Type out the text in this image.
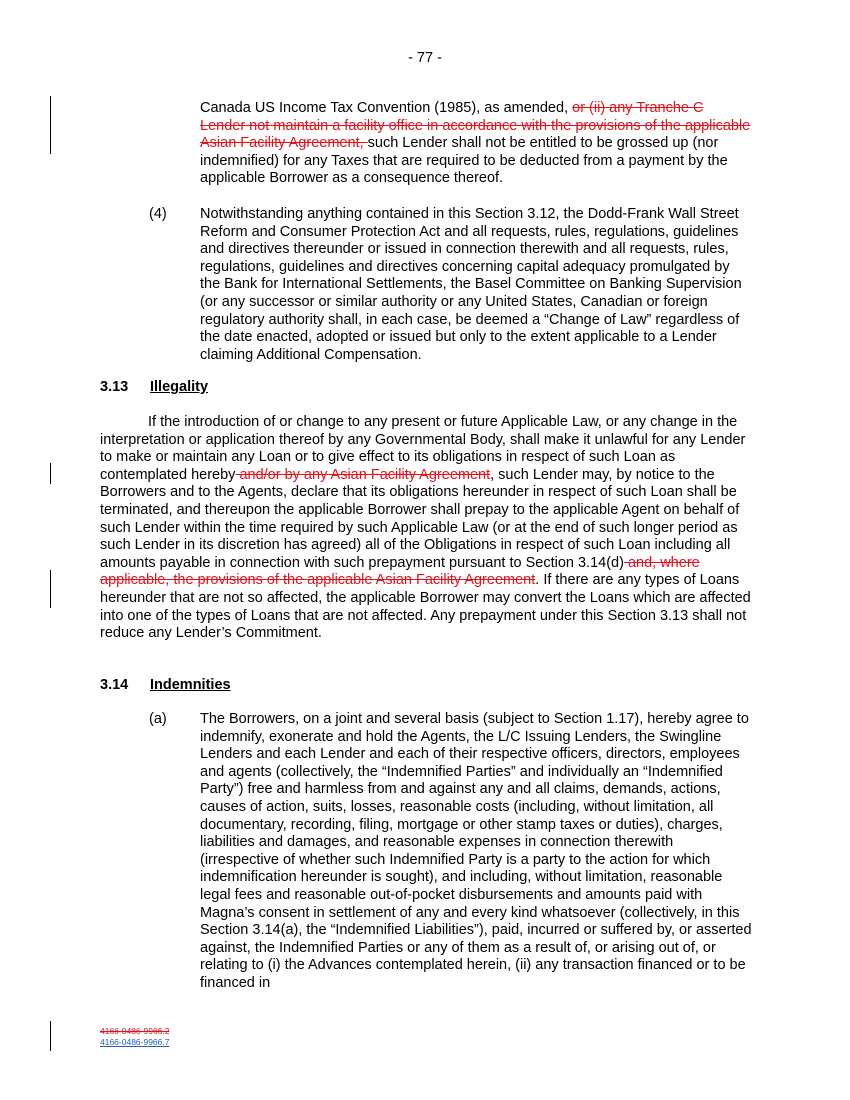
- 77 -

Canada US Income Tax Convention (1985), as amended, or (ii) any Tranche C Lender not maintain a facility office in accordance with the provisions of the applicable Asian Facility Agreement, such Lender shall not be entitled to be grossed up (nor indemnified) for any Taxes that are required to be deducted from a payment by the applicable Borrower as a consequence thereof.

(4) Notwithstanding anything contained in this Section 3.12, the Dodd-Frank Wall Street Reform and Consumer Protection Act and all requests, rules, regulations, guidelines and directives thereunder or issued in connection therewith and all requests, rules, regulations, guidelines and directives concerning capital adequacy promulgated by the Bank for International Settlements, the Basel Committee on Banking Supervision (or any successor or similar authority or any United States, Canadian or foreign regulatory authority shall, in each case, be deemed a “Change of Law” regardless of the date enacted, adopted or issued but only to the extent applicable to a Lender claiming Additional Compensation.

3.13 Illegality

If the introduction of or change to any present or future Applicable Law, or any change in the interpretation or application thereof by any Governmental Body, shall make it unlawful for any Lender to make or maintain any Loan or to give effect to its obligations in respect of such Loan as contemplated hereby and/or by any Asian Facility Agreement, such Lender may, by notice to the Borrowers and to the Agents, declare that its obligations hereunder in respect of such Loan shall be terminated, and thereupon the applicable Borrower shall prepay to the applicable Agent on behalf of such Lender within the time required by such Applicable Law (or at the end of such longer period as such Lender in its discretion has agreed) all of the Obligations in respect of such Loan including all amounts payable in connection with such prepayment pursuant to Section 3.14(d) and, where applicable, the provisions of the applicable Asian Facility Agreement. If there are any types of Loans hereunder that are not so affected, the applicable Borrower may convert the Loans which are affected into one of the types of Loans that are not affected. Any prepayment under this Section 3.13 shall not reduce any Lender’s Commitment.

3.14 Indemnities
(a) The Borrowers, on a joint and several basis (subject to Section 1.17), hereby agree to indemnify, exonerate and hold the Agents, the L/C Issuing Lenders, the Swingline Lenders and each Lender and each of their respective officers, directors, employees and agents (collectively, the “Indemnified Parties” and individually an “Indemnified Party”) free and harmless from and against any and all claims, demands, actions, causes of action, suits, losses, reasonable costs (including, without limitation, all documentary, recording, filing, mortgage or other stamp taxes or duties), charges, liabilities and damages, and reasonable expenses in connection therewith (irrespective of whether such Indemnified Party is a party to the action for which indemnification hereunder is sought), and including, without limitation, reasonable legal fees and reasonable out-of-pocket disbursements and amounts paid with Magna’s consent in settlement of any and every kind whatsoever (collectively, in this Section 3.14(a), the “Indemnified Liabilities”), paid, incurred or suffered by, or asserted against, the Indemnified Parties or any of them as a result of, or arising out of, or relating to (i) the Advances contemplated herein, (ii) any transaction financed or to be financed in

4166-0486-9966.2
4166-0486-9966.7
